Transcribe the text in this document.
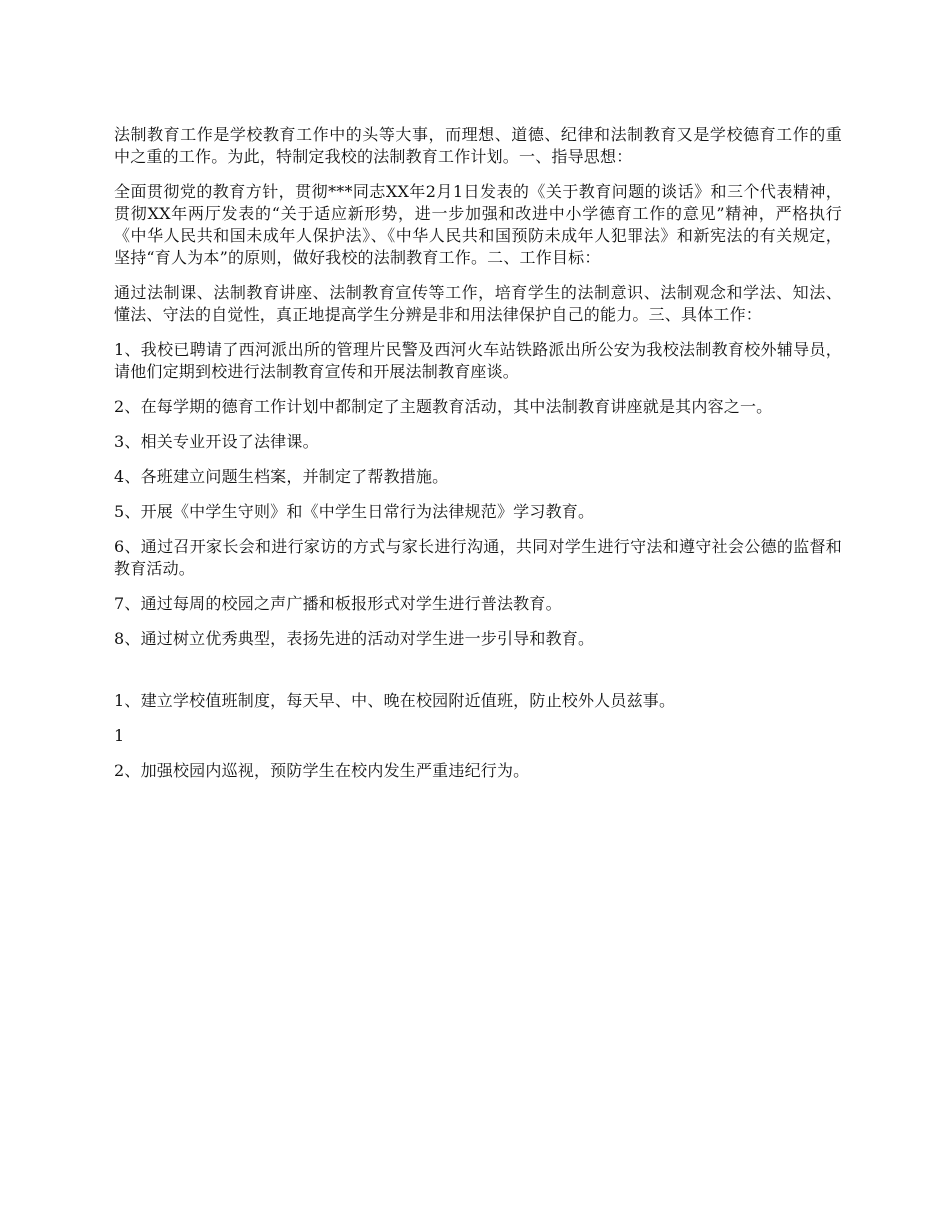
法制教育工作是学校教育工作中的头等大事，而理想、道德、纪律和法制教育又是学校德育工作的重中之重的工作。为此，特制定我校的法制教育工作计划。一、指导思想：

全面贯彻党的教育方针，贯彻***同志XX年2月1日发表的《关于教育问题的谈话》和三个代表精神，贯彻XX年两厅发表的“关于适应新形势，进一步加强和改进中小学德育工作的意见”精神，严格执行《中华人民共和国未成年人保护法》、《中华人民共和国预防未成年人犯罪法》和新宪法的有关规定，坚持“育人为本”的原则，做好我校的法制教育工作。二、工作目标：

通过法制课、法制教育讲座、法制教育宣传等工作，培育学生的法制意识、法制观念和学法、知法、懂法、守法的自觉性，真正地提高学生分辨是非和用法律保护自己的能力。三、具体工作：

1、我校已聘请了西河派出所的管理片民警及西河火车站铁路派出所公安为我校法制教育校外辅导员，请他们定期到校进行法制教育宣传和开展法制教育座谈。

2、在每学期的德育工作计划中都制定了主题教育活动，其中法制教育讲座就是其内容之一。

3、相关专业开设了法律课。

4、各班建立问题生档案，并制定了帮教措施。

5、开展《中学生守则》和《中学生日常行为法律规范》学习教育。

6、通过召开家长会和进行家访的方式与家长进行沟通，共同对学生进行守法和遵守社会公德的监督和教育活动。

7、通过每周的校园之声广播和板报形式对学生进行普法教育。

8、通过树立优秀典型，表扬先进的活动对学生进一步引导和教育。

1、建立学校值班制度，每天早、中、晚在校园附近值班，防止校外人员兹事。

1

2、加强校园内巡视，预防学生在校内发生严重违纪行为。
